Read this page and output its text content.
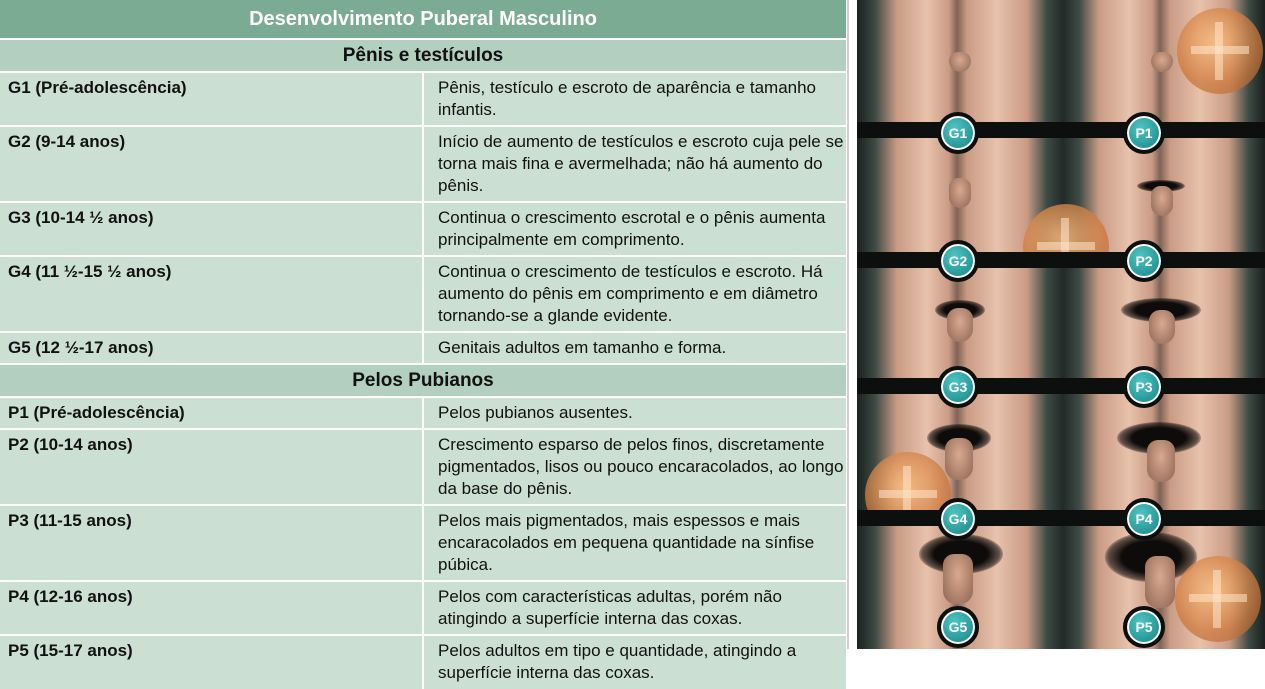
Desenvolvimento Puberal Masculino	
Pênis e testículos	
G1 (Pré-adolescência)	Pênis, testículo e escroto de aparência e tamanho infantis.
G2 (9-14 anos)	Início de aumento de testículos e escroto cuja pele se torna mais fina e avermelhada; não há aumento do pênis.
G3 (10-14 ½ anos)	Continua o crescimento escrotal e o pênis aumenta principalmente em comprimento.
G4 (11 ½-15 ½ anos)	Continua o crescimento de testículos e escroto. Há aumento do pênis em comprimento e em diâmetro tornando-se a glande evidente.
G5 (12 ½-17 anos)	Genitais adultos em tamanho e forma.
Pelos Pubianos	
P1 (Pré-adolescência)	Pelos pubianos ausentes.
P2 (10-14 anos)	Crescimento esparso de pelos finos, discretamente pigmentados, lisos ou pouco encaracolados, ao longo da base do pênis.
P3 (11-15 anos)	Pelos mais pigmentados, mais espessos e mais encaracolados em pequena quantidade na sínfise púbica.
P4 (12-16 anos)	Pelos com características adultas, porém não atingindo a superfície interna das coxas.
P5 (15-17 anos)	Pelos adultos em tipo e quantidade, atingindo a superfície interna das coxas.
G1	P1
G2	P2
G3	P3
G4	P4
G5	P5
